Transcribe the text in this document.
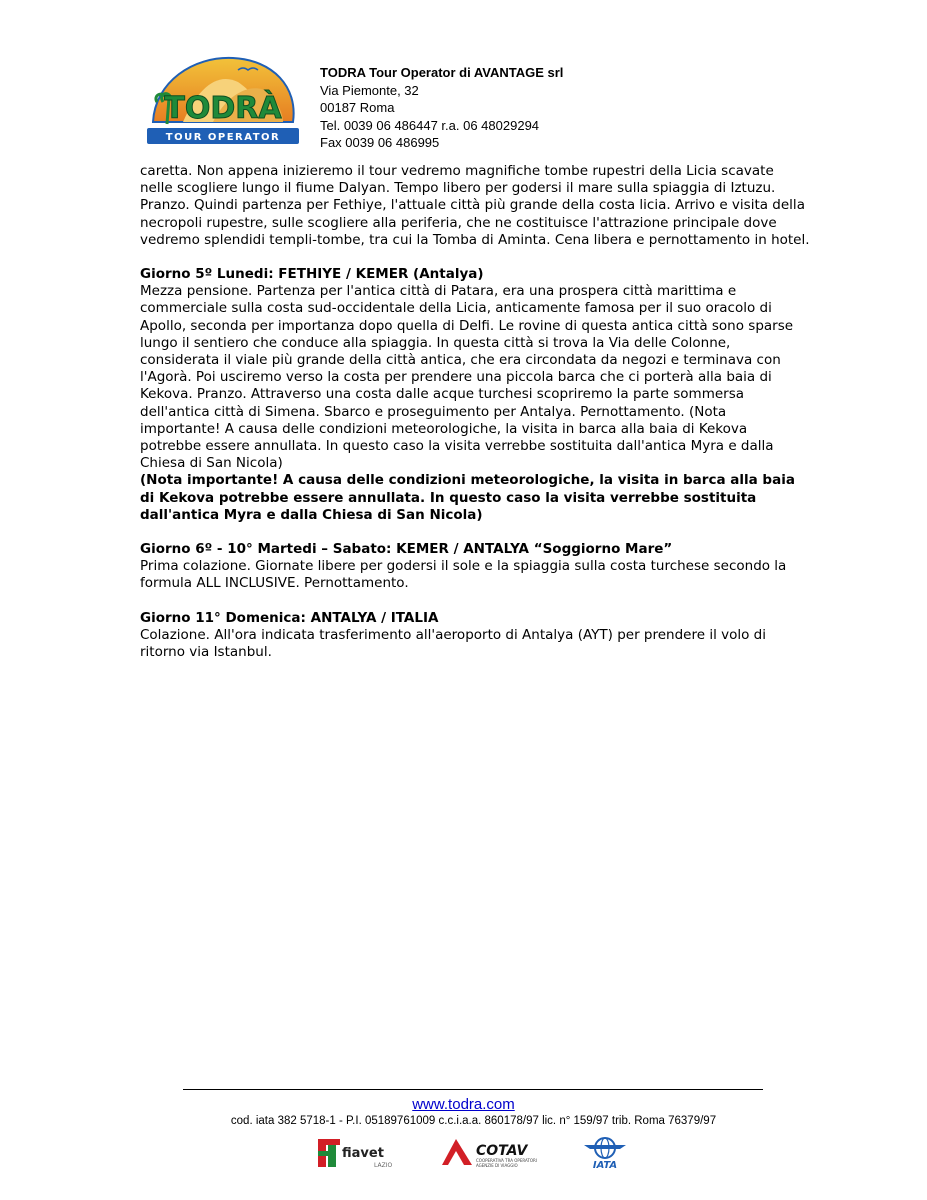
TODRÀ
TOUR OPERATOR
TODRA Tour Operator di AVANTAGE srl
Via Piemonte, 32
00187 Roma
Tel. 0039 06 486447 r.a. 06 48029294
Fax 0039 06 486995

caretta. Non appena inizieremo il tour vedremo magnifiche tombe rupestri della Licia scavate nelle scogliere lungo il fiume Dalyan. Tempo libero per godersi il mare sulla spiaggia di Iztuzu. Pranzo. Quindi partenza per Fethiye, l'attuale città più grande della costa licia. Arrivo e visita della necropoli rupestre, sulle scogliere alla periferia, che ne costituisce l'attrazione principale dove vedremo splendidi templi-tombe, tra cui la Tomba di Aminta. Cena libera e pernottamento in hotel.

Giorno 5º Lunedi: FETHIYE / KEMER (Antalya)

Mezza pensione. Partenza per l'antica città di Patara, era una prospera città marittima e commerciale sulla costa sud-occidentale della Licia, anticamente famosa per il suo oracolo di Apollo, seconda per importanza dopo quella di Delfi. Le rovine di questa antica città sono sparse lungo il sentiero che conduce alla spiaggia. In questa città si trova la Via delle Colonne, considerata il viale più grande della città antica, che era circondata da negozi e terminava con l'Agorà. Poi usciremo verso la costa per prendere una piccola barca che ci porterà alla baia di Kekova. Pranzo. Attraverso una costa dalle acque turchesi scopriremo la parte sommersa dell'antica città di Simena. Sbarco e proseguimento per Antalya. Pernottamento. (Nota importante! A causa delle condizioni meteorologiche, la visita in barca alla baia di Kekova potrebbe essere annullata. In questo caso la visita verrebbe sostituita dall'antica Myra e dalla Chiesa di San Nicola)

(Nota importante! A causa delle condizioni meteorologiche, la visita in barca alla baia di Kekova potrebbe essere annullata. In questo caso la visita verrebbe sostituita dall'antica Myra e dalla Chiesa di San Nicola)

Giorno 6º - 10° Martedi – Sabato: KEMER / ANTALYA “Soggiorno Mare”

Prima colazione. Giornate libere per godersi il sole e la spiaggia sulla costa turchese secondo la formula ALL INCLUSIVE. Pernottamento.

Giorno 11° Domenica: ANTALYA / ITALIA

Colazione. All'ora indicata trasferimento all'aeroporto di Antalya (AYT) per prendere il volo di ritorno via Istanbul.

www.todra.com
cod. iata 382 5718-1 - P.I. 05189761009 c.c.i.a.a. 860178/97 lic. n° 159/97 trib. Roma 76379/97
fiavet
LAZIO
COTAV
COOPERATIVA TRA OPERATORI
AGENZIE DI VIAGGIO	IATA
